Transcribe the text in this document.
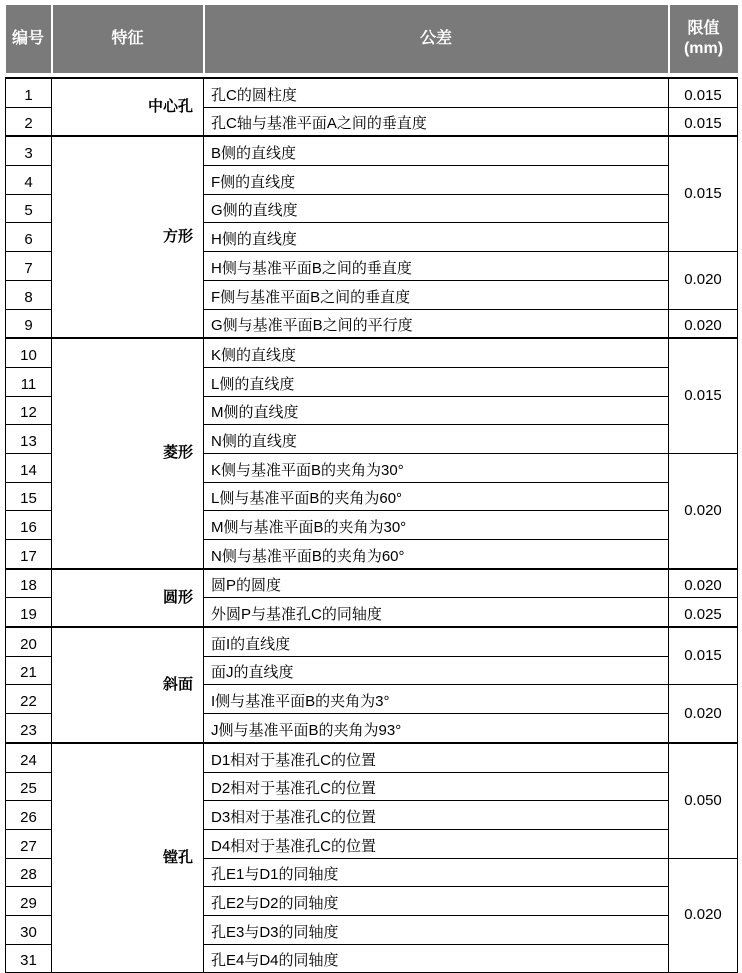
编号	特征	公差	限值
(mm)

1	中心孔	孔C的圆柱度	0.015
2		孔C轴与基准平面A之间的垂直度	0.015
3	方形	B侧的直线度	0.015
4		F侧的直线度	
5		G侧的直线度	
6		H侧的直线度	
7		H侧与基准平面B之间的垂直度	0.020
8		F侧与基准平面B之间的垂直度	
9		G侧与基准平面B之间的平行度	0.020
10	菱形	K侧的直线度	0.015
11		L侧的直线度	
12		M侧的直线度	
13		N侧的直线度	
14		K侧与基准平面B的夹角为30°	0.020
15		L侧与基准平面B的夹角为60°	
16		M侧与基准平面B的夹角为30°	
17		N侧与基准平面B的夹角为60°	
18	圆形	圆P的圆度	0.020
19		外圆P与基准孔C的同轴度	0.025
20	斜面	面I的直线度	0.015
21		面J的直线度	
22		I侧与基准平面B的夹角为3°	0.020
23		J侧与基准平面B的夹角为93°	
24	镗孔	D1相对于基准孔C的位置	0.050
25		D2相对于基准孔C的位置	
26		D3相对于基准孔C的位置	
27		D4相对于基准孔C的位置	
28		孔E1与D1的同轴度	0.020
29		孔E2与D2的同轴度	
30		孔E3与D3的同轴度	
31		孔E4与D4的同轴度	
